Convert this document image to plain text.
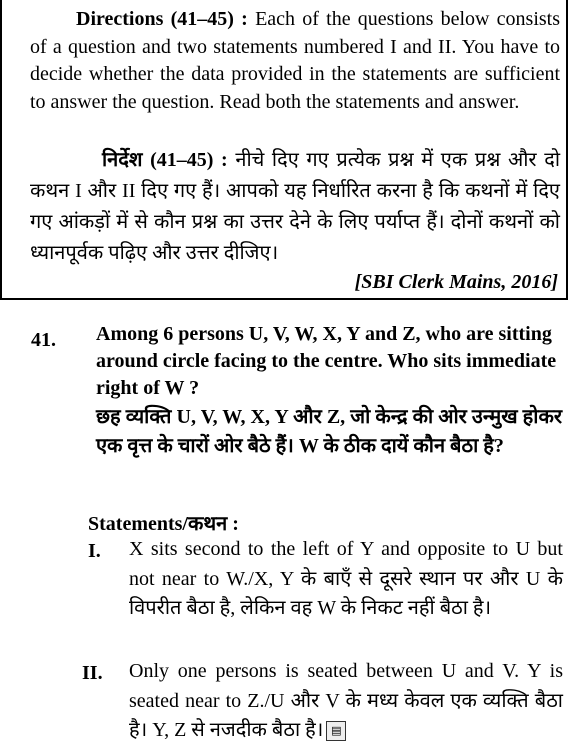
Directions (41–45) : Each of the questions below consists of a question and two statements numbered I and II. You have to decide whether the data provided in the statements are sufficient to answer the question. Read both the statements and answer.

निर्देश (41–45) : नीचे दिए गए प्रत्येक प्रश्न में एक प्रश्न और दो कथन I और II दिए गए हैं। आपको यह निर्धारित करना है कि कथनों में दिए गए आंकड़ों में से कौन प्रश्न का उत्तर देने के लिए पर्याप्त हैं। दोनों कथनों को ध्यानपूर्वक पढ़िए और उत्तर दीजिए।

[SBI Clerk Mains, 2016]
41. Among 6 persons U, V, W, X, Y and Z, who are sitting around circle facing to the centre. Who sits immediate right of W ?
छह व्यक्ति U, V, W, X, Y और Z, जो केन्द्र की ओर उन्मुख होकर एक वृत्त के चारों ओर बैठे हैं। W के ठीक दायें कौन बैठा है?
Statements/कथन :
I. X sits second to the left of Y and opposite to U but not near to W./X, Y के बाएँ से दूसरे स्थान पर और U के विपरीत बैठा है, लेकिन वह W के निकट नहीं बैठा है।
II. Only one persons is seated between U and V. Y is seated near to Z./U और V के मध्य केवल एक व्यक्ति बैठा है। Y, Z से नजदीक बैठा है। ▤
